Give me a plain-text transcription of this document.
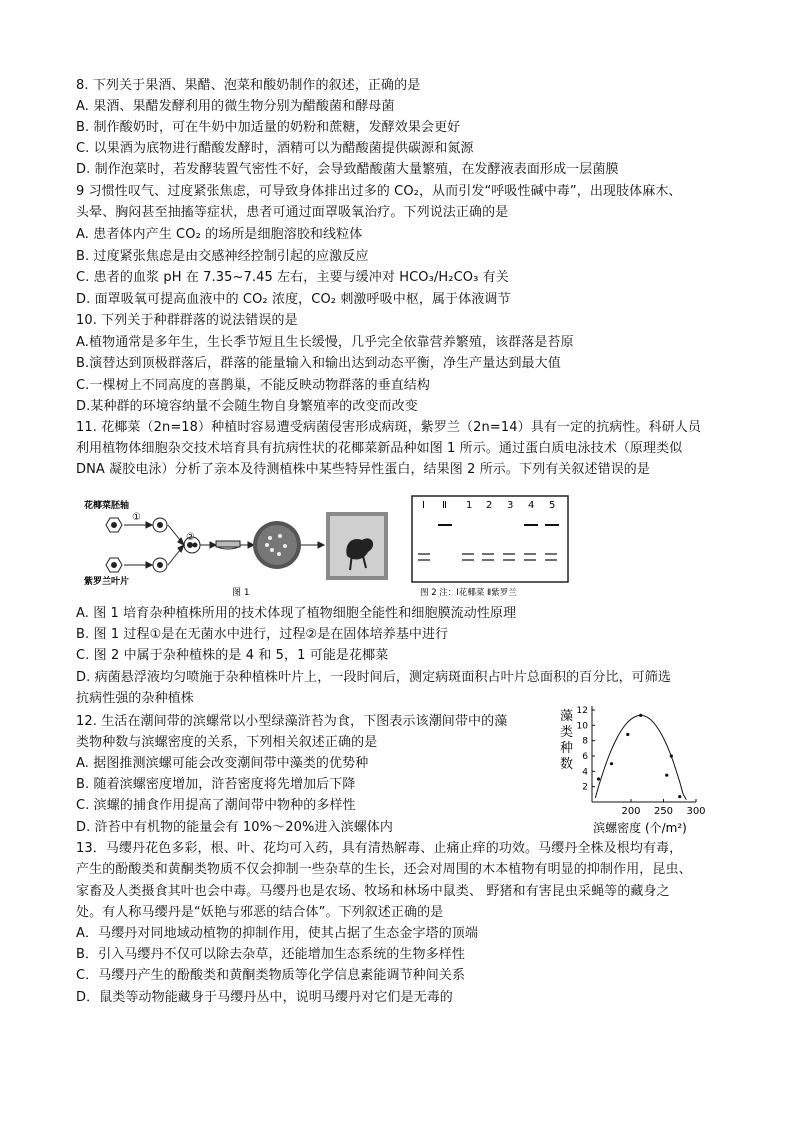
8. 下列关于果酒、果醋、泡菜和酸奶制作的叙述，正确的是
A. 果酒、果醋发酵利用的微生物分别为醋酸菌和酵母菌
B. 制作酸奶时，可在牛奶中加适量的奶粉和蔗糖，发酵效果会更好
C. 以果酒为底物进行醋酸发酵时，酒精可以为醋酸菌提供碳源和氮源
D. 制作泡菜时，若发酵装置气密性不好，会导致醋酸菌大量繁殖，在发酵液表面形成一层菌膜
9 习惯性叹气、过度紧张焦虑，可导致身体排出过多的 CO₂，从而引发“呼吸性碱中毒”，出现肢体麻木、
头晕、胸闷甚至抽搐等症状，患者可通过面罩吸氧治疗。下列说法正确的是
A. 患者体内产生 CO₂ 的场所是细胞溶胶和线粒体
B. 过度紧张焦虑是由交感神经控制引起的应激反应
C. 患者的血浆 pH 在 7.35~7.45 左右，主要与缓冲对 HCO₃/H₂CO₃ 有关
D. 面罩吸氧可提高血液中的 CO₂ 浓度，CO₂ 刺激呼吸中枢，属于体液调节
10. 下列关于种群群落的说法错误的是
A.植物通常是多年生，生长季节短且生长缓慢，几乎完全依靠营养繁殖，该群落是苔原
B.演替达到顶极群落后，群落的能量输入和输出达到动态平衡，净生产量达到最大值
C.一棵树上不同高度的喜鹊巢，不能反映动物群落的垂直结构
D.某种群的环境容纳量不会随生物自身繁殖率的改变而改变
11. 花椰菜（2n=18）种植时容易遭受病菌侵害形成病斑，紫罗兰（2n=14）具有一定的抗病性。科研人员
利用植物体细胞杂交技术培育具有抗病性状的花椰菜新品种如图 1 所示。通过蛋白质电泳技术（原理类似
DNA 凝胶电泳）分析了亲本及待测植株中某些特异性蛋白，结果图 2 所示。下列有关叙述错误的是
A. 图 1 培育杂种植株所用的技术体现了植物细胞全能性和细胞膜流动性原理
B. 图 1 过程①是在无菌水中进行，过程②是在固体培养基中进行
C. 图 2 中属于杂种植株的是 4 和 5，1 可能是花椰菜
D. 病菌悬浮液均匀喷施于杂种植株叶片上，一段时间后，测定病斑面积占叶片总面积的百分比，可筛选
抗病性强的杂种植株
12. 生活在潮间带的滨螺常以小型绿藻浒苔为食，下图表示该潮间带中的藻
类物种数与滨螺密度的关系，下列相关叙述正确的是
A. 据图推测滨螺可能会改变潮间带中藻类的优势种
B. 随着滨螺密度增加，浒苔密度将先增加后下降
C. 滨螺的捕食作用提高了潮间带中物种的多样性
D. 浒苔中有机物的能量会有 10%～20%进入滨螺体内
13．马缨丹花色多彩，根、叶、花均可入药，具有清热解毒、止痛止痒的功效。马缨丹全株及根均有毒，
产生的酚酸类和黄酮类物质不仅会抑制一些杂草的生长，还会对周围的木本植物有明显的抑制作用，昆虫、
家畜及人类摄食其叶也会中毒。马缨丹也是农场、牧场和林场中鼠类、 野猪和有害昆虫采蝇等的藏身之
处。有人称马缨丹是“妖艳与邪恶的结合体”。下列叙述正确的是
A．马缨丹对同地域动植物的抑制作用，使其占据了生态金字塔的顶端
B．引入马缨丹不仅可以除去杂草，还能增加生态系统的生物多样性
C．马缨丹产生的酚酸类和黄酮类物质等化学信息素能调节种间关系
D．鼠类等动物能藏身于马缨丹丛中，说明马缨丹对它们是无毒的
花椰菜胚轴
紫罗兰叶片
①
②
图 1
Ⅰ Ⅱ 1 2 3 4 5
图 2 注：Ⅰ花椰菜 Ⅱ紫罗兰
藻
类
种
数
2
4
6
8
10
12
200 250 300
滨螺密度 (个/m²)
